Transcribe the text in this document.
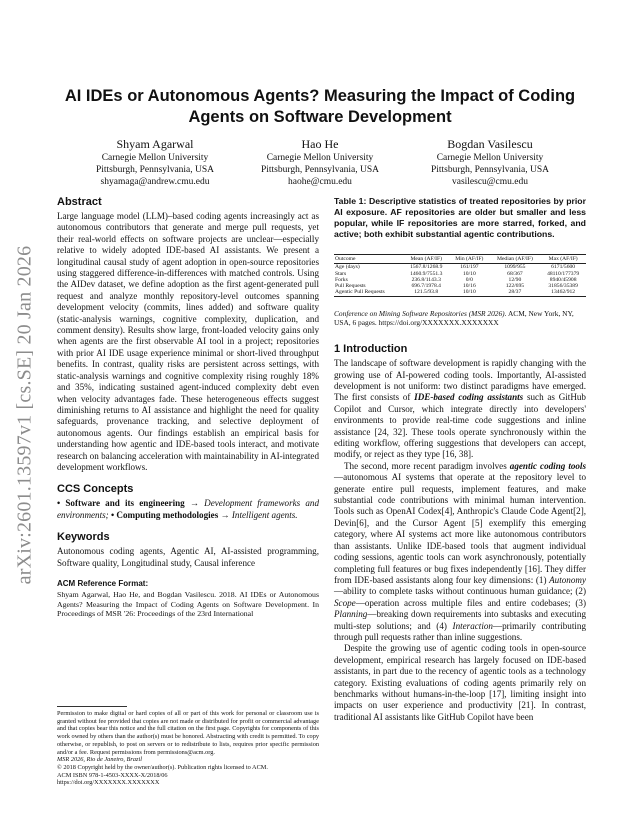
arXiv:2601.13597v1 [cs.SE] 20 Jan 2026
AI IDEs or Autonomous Agents? Measuring the Impact of Coding
Agents on Software Development
Shyam Agarwal
Carnegie Mellon University
Pittsburgh, Pennsylvania, USA
shyamaga@andrew.cmu.edu
Hao He
Carnegie Mellon University
Pittsburgh, Pennsylvania, USA
haohe@cmu.edu
Bogdan Vasilescu
Carnegie Mellon University
Pittsburgh, Pennsylvania, USA
vasilescu@cmu.edu
Abstract

Large language model (LLM)–based coding agents increasingly act as autonomous contributors that generate and merge pull requests, yet their real-world effects on software projects are unclear—especially relative to widely adopted IDE-based AI assistants. We present a longitudinal causal study of agent adoption in open-source repositories using staggered difference-in-differences with matched controls. Using the AIDev dataset, we define adoption as the first agent-generated pull request and analyze monthly repository-level outcomes spanning development velocity (commits, lines added) and software quality (static-analysis warnings, cognitive complexity, duplication, and comment density). Results show large, front-loaded velocity gains only when agents are the first observable AI tool in a project; repositories with prior AI IDE usage experience minimal or short-lived throughput benefits. In contrast, quality risks are persistent across settings, with static-analysis warnings and cognitive complexity rising roughly 18% and 35%, indicating sustained agent-induced complexity debt even when velocity advantages fade. These heterogeneous effects suggest diminishing returns to AI assistance and highlight the need for quality safeguards, provenance tracking, and selective deployment of autonomous agents. Our findings establish an empirical basis for understanding how agentic and IDE-based tools interact, and motivate research on balancing acceleration with maintainability in AI-integrated development workflows.

CCS Concepts

• Software and its engineering → Development frameworks and environments; • Computing methodologies → Intelligent agents.

Keywords

Autonomous coding agents, Agentic AI, AI-assisted programming, Software quality, Longitudinal study, Causal inference

ACM Reference Format:
Shyam Agarwal, Hao He, and Bogdan Vasilescu. 2018. AI IDEs or Autonomous Agents? Measuring the Impact of Coding Agents on Software Development. In Proceedings of MSR '26: Proceedings of the 23rd International
Permission to make digital or hard copies of all or part of this work for personal or classroom use is granted without fee provided that copies are not made or distributed for profit or commercial advantage and that copies bear this notice and the full citation on the first page. Copyrights for components of this work owned by others than the author(s) must be honored. Abstracting with credit is permitted. To copy otherwise, or republish, to post on servers or to redistribute to lists, requires prior specific permission and/or a fee. Request permissions from permissions@acm.org.
MSR 2026, Rio de Janeiro, Brazil
© 2018 Copyright held by the owner/author(s). Publication rights licensed to ACM.
ACM ISBN 978-1-4503-XXXX-X/2018/06
https://doi.org/XXXXXXX.XXXXXXX
Table 1: Descriptive statistics of treated repositories by prior AI exposure. AF repositories are older but smaller and less popular, while IF repositories are more starred, forked, and active; both exhibit substantial agentic contributions.
Outcome	Mean (AF/IF)	Min (AF/IF)	Median (AF/IF)	Max (AF/IF)
Age (days)	1567.8/1268.9	161/197	1099/955	6171/5600
Stars	1460.9/7551.3	10/10	68/367	48110/177379
Forks	236.8/1143.3	0/0	12/90	8940/45908
Pull Requests	696.7/1978.4	10/16	122/695	31856/35389
Agentic Pull Requests	121.5/93.8	10/10	28/37	13462/912
Conference on Mining Software Repositories (MSR 2026). ACM, New York, NY, USA, 6 pages. https://doi.org/XXXXXXX.XXXXXXX
1 Introduction

The landscape of software development is rapidly changing with the growing use of AI-powered coding tools. Importantly, AI-assisted development is not uniform: two distinct paradigms have emerged. The first consists of IDE-based coding assistants such as GitHub Copilot and Cursor, which integrate directly into developers' environments to provide real-time code suggestions and inline assistance [24, 32]. These tools operate synchronously within the editing workflow, offering suggestions that developers can accept, modify, or reject as they type [16, 38].

The second, more recent paradigm involves agentic coding tools—autonomous AI systems that operate at the repository level to generate entire pull requests, implement features, and make substantial code contributions with minimal human intervention. Tools such as OpenAI Codex[4], Anthropic's Claude Code Agent[2], Devin[6], and the Cursor Agent [5] exemplify this emerging category, where AI systems act more like autonomous contributors than assistants. Unlike IDE-based tools that augment individual coding sessions, agentic tools can work asynchronously, potentially completing full features or bug fixes independently [16]. They differ from IDE-based assistants along four key dimensions: (1) Autonomy—ability to complete tasks without continuous human guidance; (2) Scope—operation across multiple files and entire codebases; (3) Planning—breaking down requirements into subtasks and executing multi-step solutions; and (4) Interaction—primarily contributing through pull requests rather than inline suggestions.

Despite the growing use of agentic coding tools in open-source development, empirical research has largely focused on IDE-based assistants, in part due to the recency of agentic tools as a technology category. Existing evaluations of coding agents primarily rely on benchmarks without humans-in-the-loop [17], limiting insight into impacts on user experience and productivity [21]. In contrast, traditional AI assistants like GitHub Copilot have been
